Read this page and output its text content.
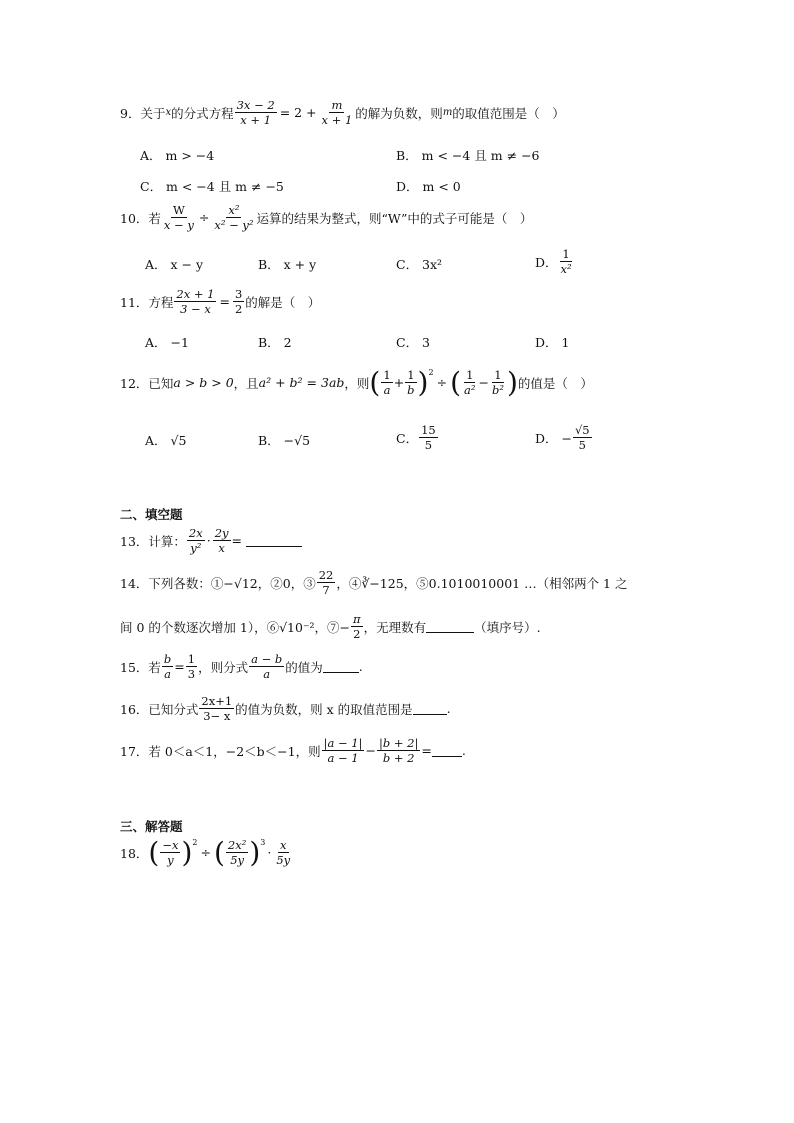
9．关于 x 的分式方程 $\frac{3x - 2}{x + 1} = 2 + \frac{m}{x + 1}$ 的解为负数，则 m 的取值范围是（　）
A． m > −4	B． m < −4 且 m ≠ −6
C． m < −4 且 m ≠ −5	D． m < 0
10．若 $\frac{W}{x - y} \div \frac{\text{x²}}{\text{x² − y²}}$ 运算的结果为整式，则“W”中的式子可能是（　）
A． x − y	B． x + y	C． 3x²	D． $\frac{1}{\text{x²}}$
11．方程 $\frac{2x + 1}{3 - x} = \frac{3}{2}$ 的解是（　）
A． −1	B． 2	C． 3	D． 1
12．已知 a > b > 0 ，且 a² + b² = 3ab ，则 ( $\frac{1}{a} + \frac{1}{b} )^2$
÷ ( $\frac{1}{\text{a²}} - \frac{1}{\text{b²}}$ ) 的值是（　）
A． √5	B． −√5	C． $\frac{15}{5}$	D． − $\frac{√5}{5}$
二、填空题
13．计算： $\frac{2x}{\text{y²}} \cdot \frac{2y}{x}$ =
14．下列各数：①−√12，②0，③ $\frac{22}{7}$ ，④∛−125，⑤0.1010010001 …（相邻两个 1 之
间 0 的个数逐次增加 1），⑥√10⁻²，⑦− $\frac{\pi}{2}$ ，无理数有	（填序号）.
15．若 $\frac{b}{a} = \frac{1}{3}$ ，则分式 $\frac{a - b}{a}$ 的值为	.
16．已知分式 $\frac{2x+1}{3- x}$ 的值为负数，则 x 的取值范围是	.
17．若 0＜a＜1，−2＜b＜−1，则 $\frac{|a - 1|}{a - 1} - \frac{|b + 2|}{b + 2}$ = .
三、解答题
18． ( $\frac{-x}{y} )^2$
÷ ( $\frac{\text{2x²}}{5y} )^3$
· $\frac{x}{5y}$
